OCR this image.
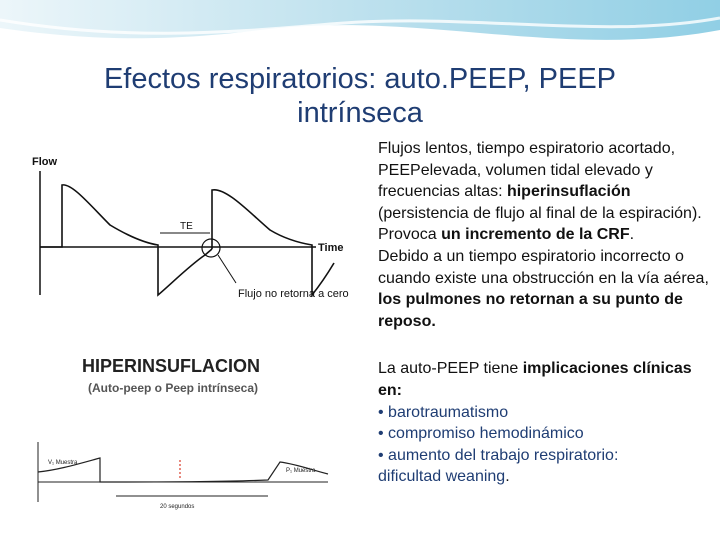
Efectos respiratorios: auto.PEEP, PEEP
intrínseca
Flow
Time
TE
Flujo no retorna a cero
HIPERINSUFLACION
(Auto-peep o Peep intrínseca)
V₁ Muestra
P₁ Muestra
20 segundos

Flujos lentos, tiempo espiratorio acortado, PEEPelevada, volumen tidal elevado y frecuencias altas: hiperinsuflación (persistencia de flujo al final de la espiración).

Provoca un incremento de la CRF.

Debido a un tiempo espiratorio incorrecto o cuando existe una obstrucción en la vía aérea, los pulmones no retornan a su punto de reposo.

La auto-PEEP tiene implicaciones clínicas en:

• barotraumatismo

• compromiso hemodinámico

• aumento del trabajo respiratorio:

dificultad weaning.
